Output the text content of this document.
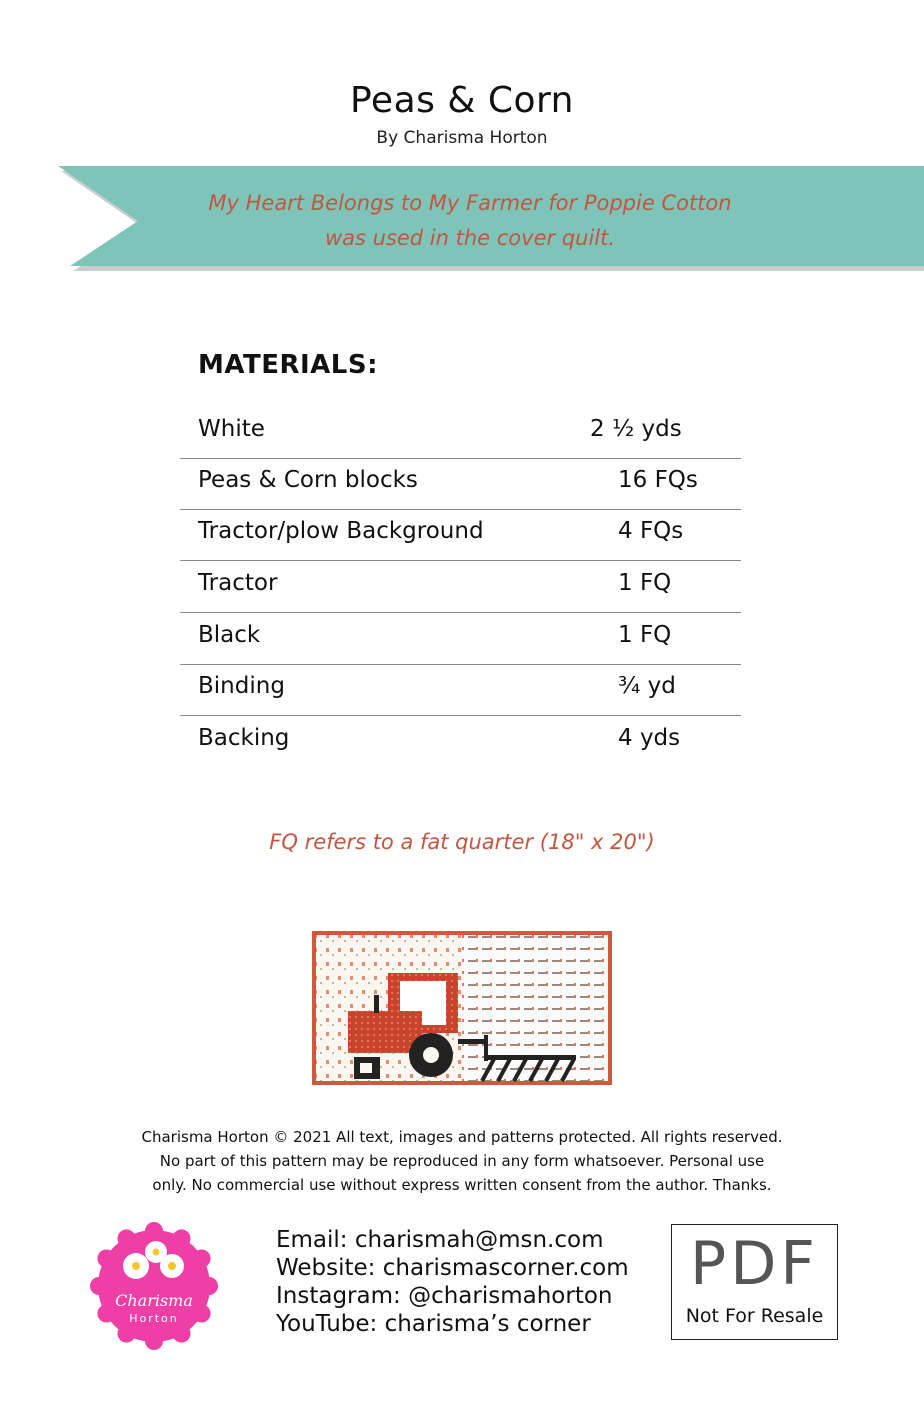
Peas & Corn
By Charisma Horton
My Heart Belongs to My Farmer for Poppie Cotton
was used in the cover quilt.
MATERIALS:
White	2 ½ yds
Peas & Corn blocks	16 FQs
Tractor/plow Background	4 FQs
Tractor	1 FQ
Black	1 FQ
Binding	¾ yd
Backing	4 yds
FQ refers to a fat quarter (18" x 20")
Charisma Horton © 2021 All text, images and patterns protected. All rights reserved.
No part of this pattern may be reproduced in any form whatsoever. Personal use
only. No commercial use without express written consent from the author. Thanks.
Charisma
Horton
Email: charismah@msn.com
Website: charismascorner.com
Instagram: @charismahorton
YouTube: charisma’s corner
PDF
Not For Resale
